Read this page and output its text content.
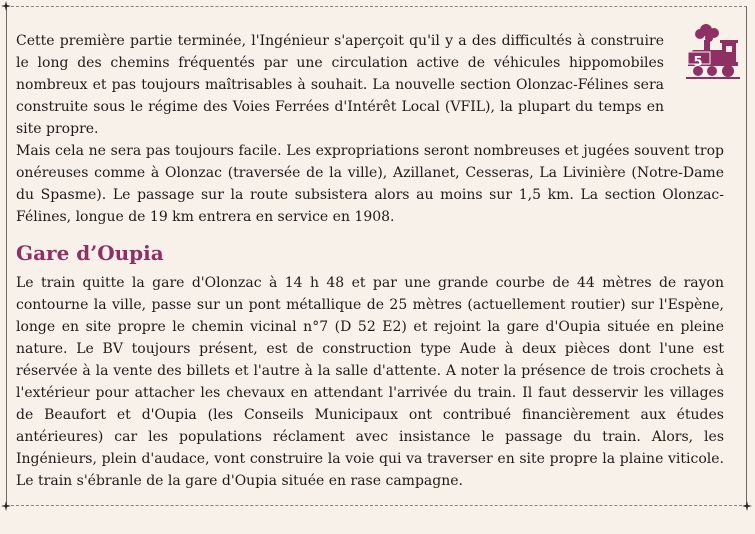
5

Cette première partie terminée, l'Ingénieur s'aperçoit qu'il y a des difficultés à construire le long des chemins fréquentés par une circulation active de véhicules hippomobiles nombreux et pas toujours maîtrisables à souhait. La nouvelle section Olonzac-Félines sera construite sous le régime des Voies Ferrées d'Intérêt Local (VFIL), la plupart du temps en site propre.

Mais cela ne sera pas toujours facile. Les expropriations seront nombreuses et jugées souvent trop onéreuses comme à Olonzac (traversée de la ville), Azillanet, Cesseras, La Livinière (Notre-Dame du Spasme). Le passage sur la route subsistera alors au moins sur 1,5 km. La section Olonzac-Félines, longue de 19 km entrera en service en 1908.

Gare d’Oupia

Le train quitte la gare d'Olonzac à 14 h 48 et par une grande courbe de 44 mètres de rayon contourne la ville, passe sur un pont métallique de 25 mètres (actuellement routier) sur l'Espène, longe en site propre le chemin vicinal n°7 (D 52 E2) et rejoint la gare d'Oupia située en pleine nature. Le BV toujours présent, est de construction type Aude à deux pièces dont l'une est réservée à la vente des billets et l'autre à la salle d'attente. A noter la présence de trois crochets à l'extérieur pour attacher les chevaux en attendant l'arrivée du train. Il faut desservir les villages de Beaufort et d'Oupia (les Conseils Municipaux ont contribué financièrement aux études antérieures) car les populations réclament avec insistance le passage du train. Alors, les Ingénieurs, plein d'audace, vont construire la voie qui va traverser en site propre la plaine viticole. Le train s'ébranle de la gare d'Oupia située en rase campagne.
